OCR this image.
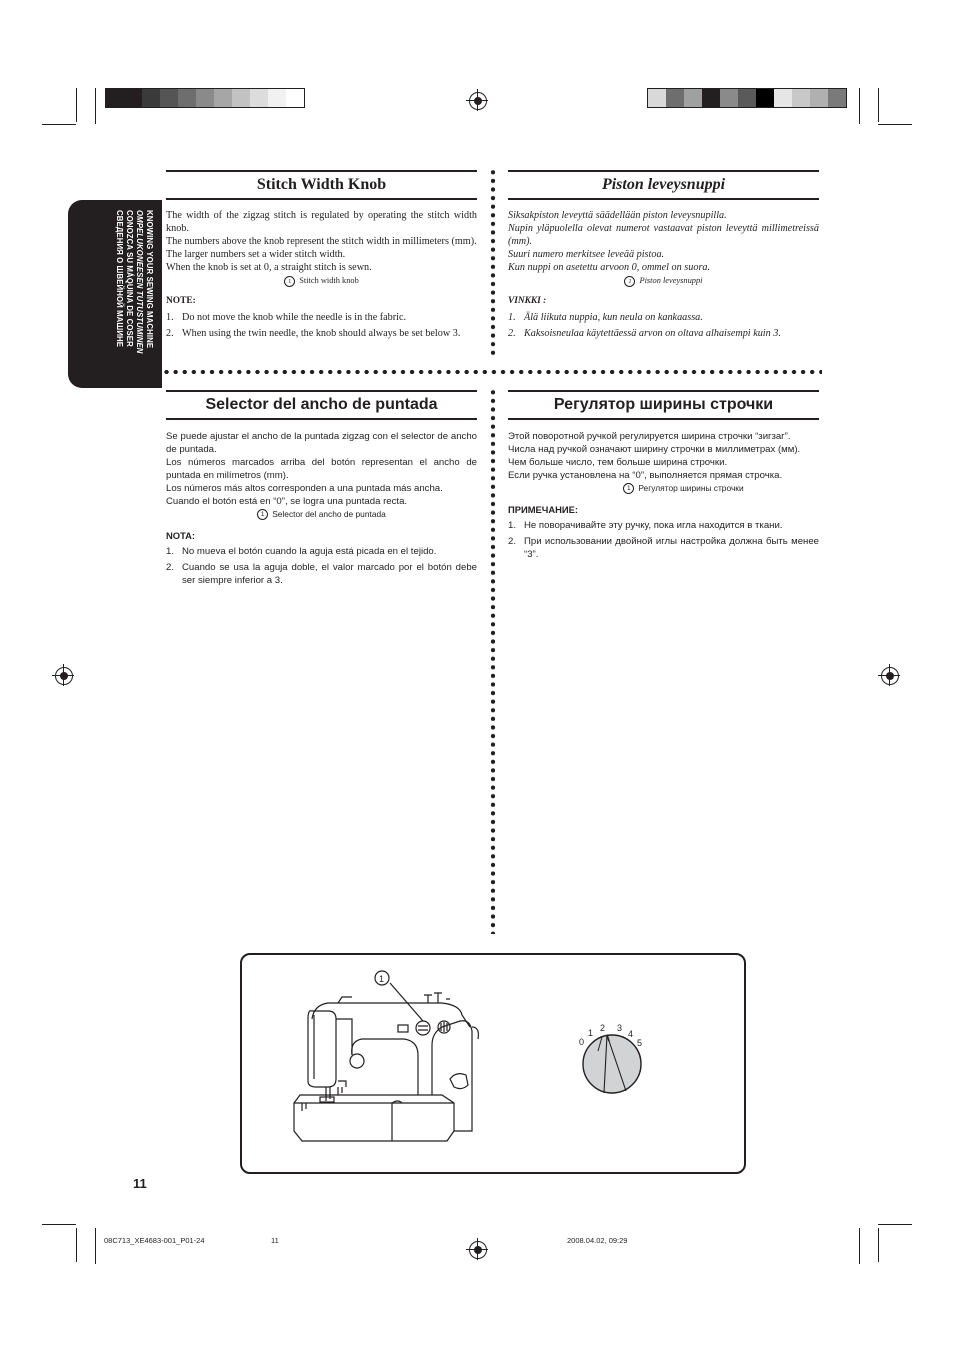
KNOWING YOUR SEWING MACHINE
OMPELUKONEESEN TUTUSTUMINEN
CONOZCA SU MÁQUINA DE COSER
СВЕДЕНИЯ О ШВЕЙНОЙ МАШИНЕ
Stitch Width Knob

The width of the zigzag stitch is regulated by operating the stitch width knob.

The numbers above the knob represent the stitch width in millimeters (mm).

The larger numbers set a wider stitch width.

When the knob is set at 0, a straight stitch is sewn.

1 Stitch width knob

NOTE:

1. Do not move the knob while the needle is in the fabric.

2. When using the twin needle, the knob should always be set below 3.

Piston leveysnuppi

Siksakpiston leveyttä säädellään piston leveysnupilla.

Nupin yläpuolella olevat numerot vastaavat piston leveyttä millimetreissä (mm).

Suuri numero merkitsee leveää pistoa.

Kun nuppi on asetettu arvoon 0, ommel on suora.

1 Piston leveysnuppi

VINKKI :

1. Älä liikuta nuppia, kun neula on kankaassa.

2. Kaksoisneulaa käytettäessä arvon on oltava alhaisempi kuin 3.

Selector del ancho de puntada

Se puede ajustar el ancho de la puntada zigzag con el selector de ancho de puntada.

Los números marcados arriba del botón representan el ancho de puntada en milímetros (mm).

Los números más altos corresponden a una puntada más ancha.

Cuando el botón está en “0”, se logra una puntada recta.

1 Selector del ancho de puntada

NOTA:

1. No mueva el botón cuando la aguja está picada en el tejido.

2. Cuando se usa la aguja doble, el valor marcado por el botón debe ser siempre inferior a 3.

Регулятор ширины строчки

Этой поворотной ручкой регулируется ширина строчки “зигзаг”.

Числа над ручкой означают ширину строчки в миллиметрах (мм).

Чем больше число, тем больше ширина строчки.

Если ручка установлена на “0”, выполняется прямая строчка.

1 Регулятор ширины строчки

ПРИМЕЧАНИЕ:

1. Не поворачивайте эту ручку, пока игла находится в ткани.

2. При использовании двойной иглы настройка должна быть менее “3”.

1
0
1 2 3
4
5
11
08C713_XE4683-001_P01-24	11	2008.04.02, 09:29
